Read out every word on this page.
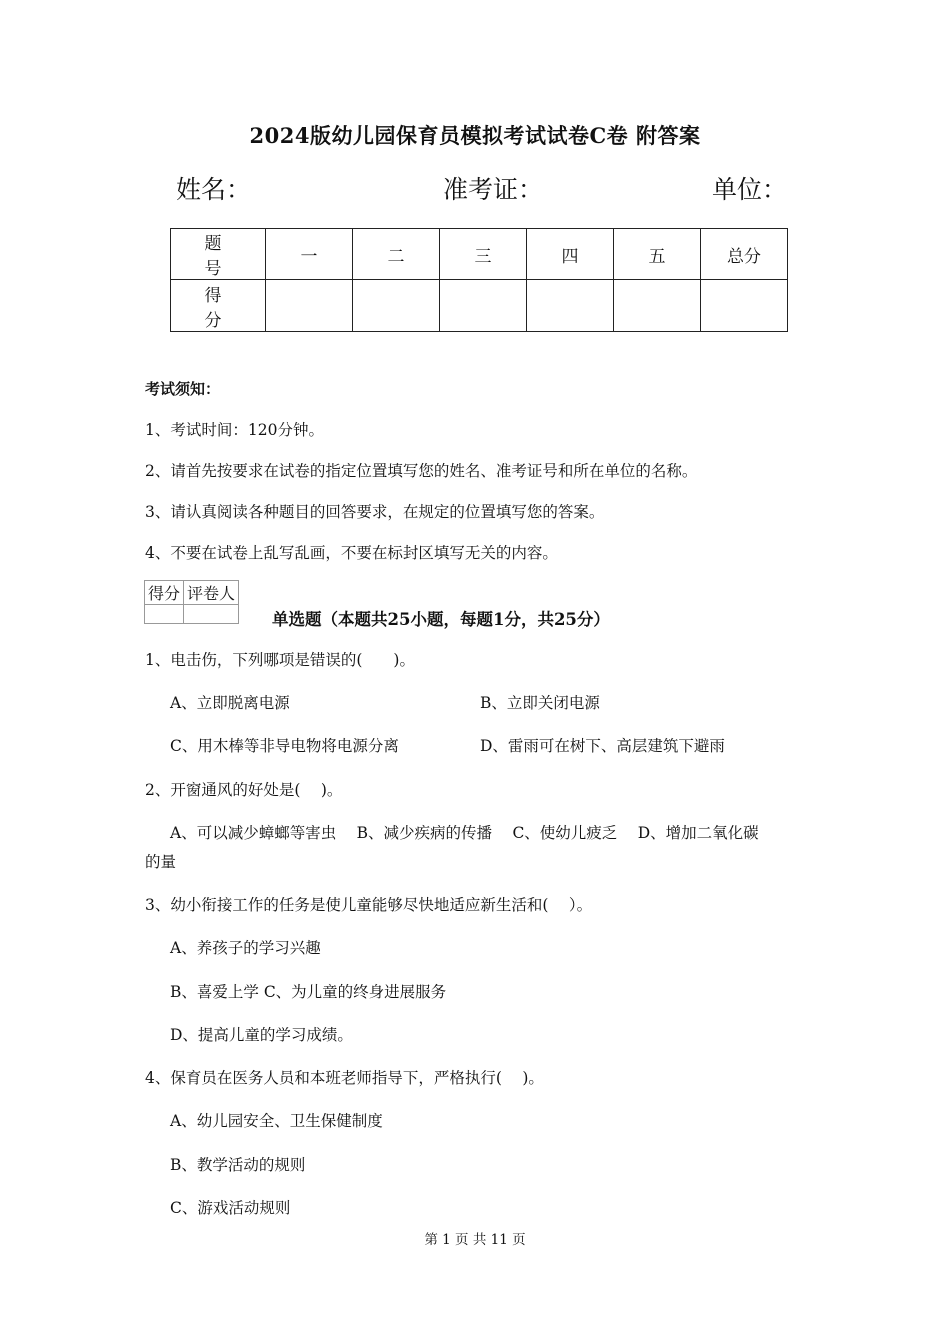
2024版幼儿园保育员模拟考试试卷C卷 附答案
姓名：	准考证：	单位：
题　号	一	二	三	四	五	总分
得　分						
考试须知：
1、考试时间：120分钟。
2、请首先按要求在试卷的指定位置填写您的姓名、准考证号和所在单位的名称。
3、请认真阅读各种题目的回答要求，在规定的位置填写您的答案。
4、不要在试卷上乱写乱画，不要在标封区填写无关的内容。
得分	评卷人

单选题（本题共25小题，每题1分，共25分）
1、电击伤，下列哪项是错误的(　　)。
A、立即脱离电源	B、立即关闭电源
C、用木棒等非导电物将电源分离	D、雷雨可在树下、高层建筑下避雨
2、开窗通风的好处是(　 )。
A、可以减少蟑螂等害虫　 B、减少疾病的传播　 C、使幼儿疲乏　 D、增加二氧化碳
的量
3、幼小衔接工作的任务是使儿童能够尽快地适应新生活和(　 ）。
A、养孩子的学习兴趣
B、喜爱上学 C、为儿童的终身进展服务
D、提高儿童的学习成绩。
4、保育员在医务人员和本班老师指导下，严格执行(　 )。
A、幼儿园安全、卫生保健制度
B、教学活动的规则
C、游戏活动规则
第 1 页 共 11 页
